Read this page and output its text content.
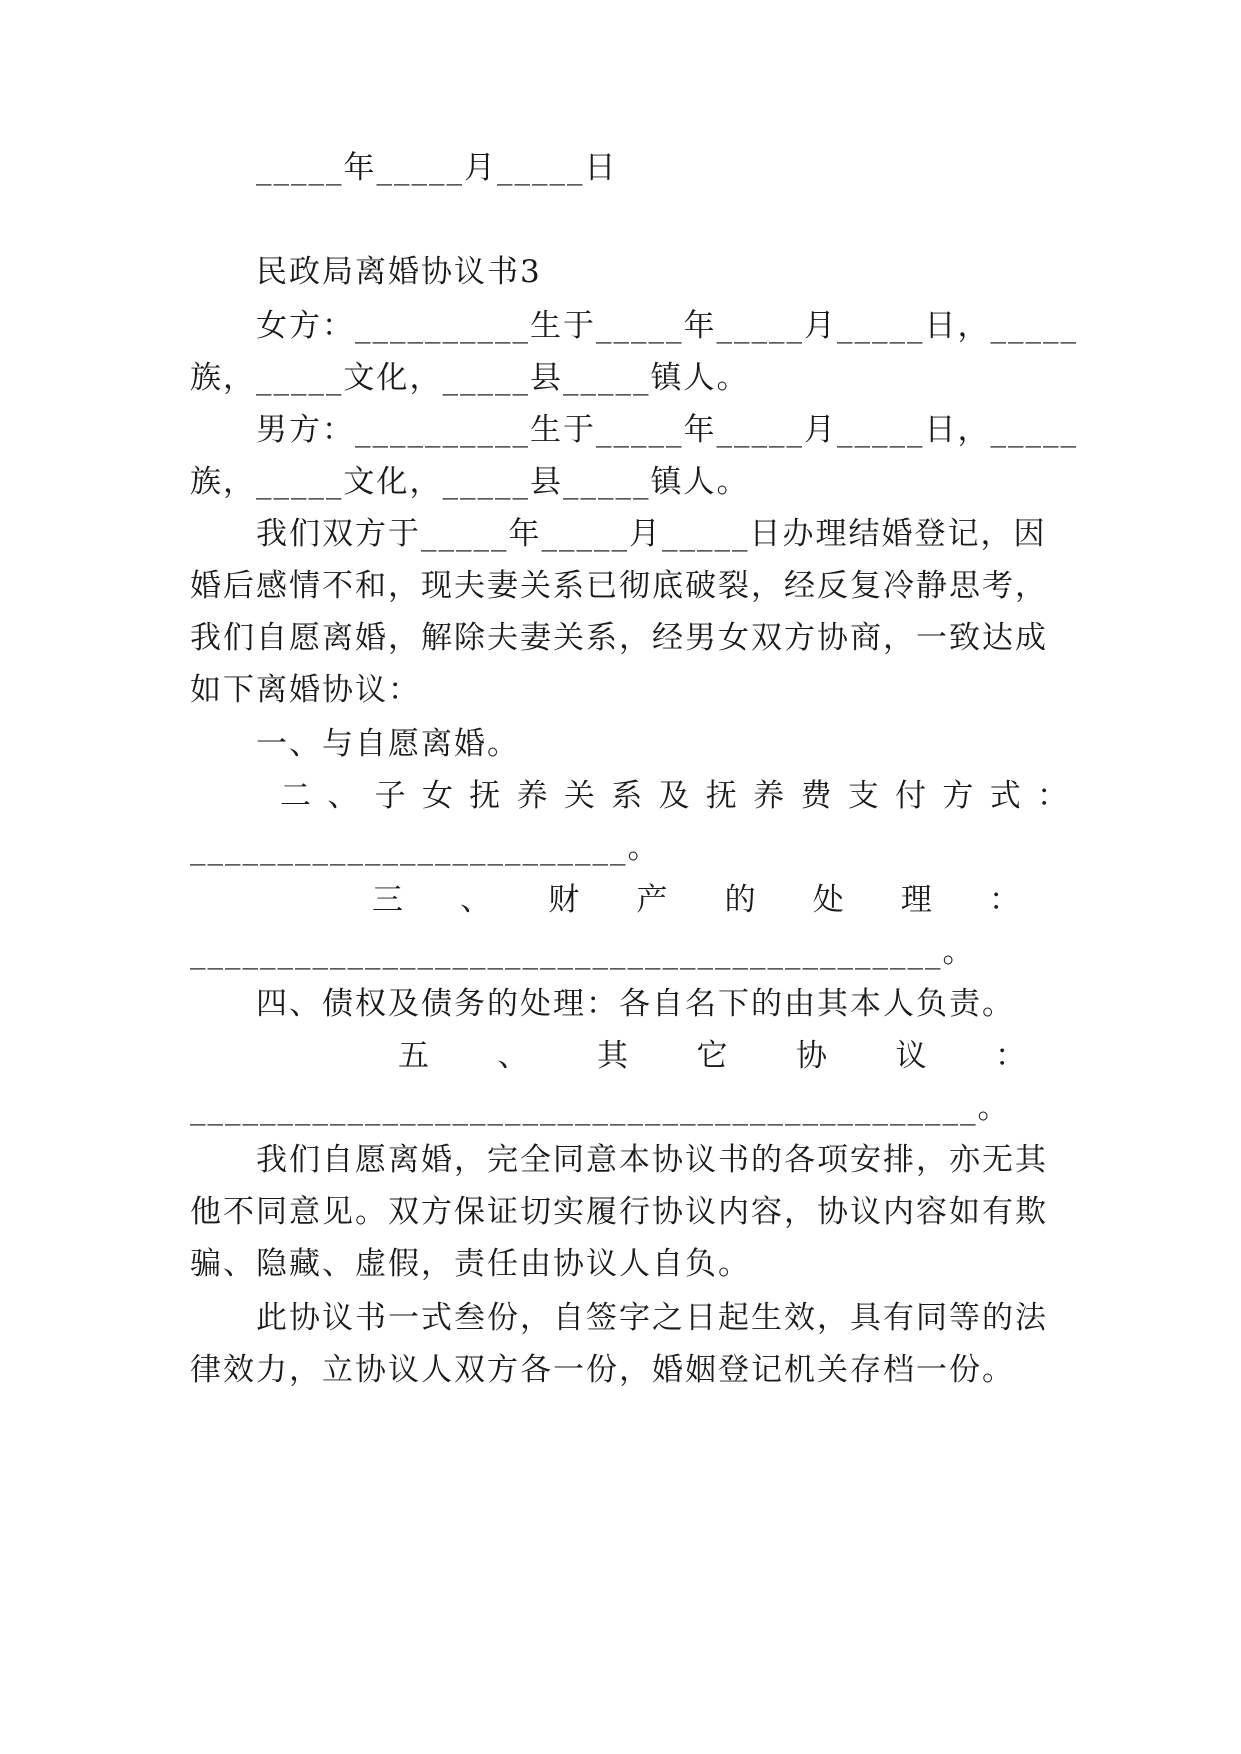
_____年_____月_____日
民政局离婚协议书3
女方：__________生于_____年_____月_____日，_____
族，_____文化，_____县_____镇人。
男方：__________生于_____年_____月_____日，_____
族，_____文化，_____县_____镇人。
我们双方于_____年_____月_____日办理结婚登记，因
婚后感情不和，现夫妻关系已彻底破裂，经反复冷静思考，
我们自愿离婚，解除夫妻关系，经男女双方协商，一致达成
如下离婚协议：
一、与自愿离婚。
二 、 子 女 抚 养 关 系 及 抚 养 费 支 付 方 式 ：
_________________________。
三 、 财 产 的 处 理 ：
___________________________________________。
四、债权及债务的处理：各自名下的由其本人负责。
五 、 其 它 协 议 ：
_____________________________________________。
我们自愿离婚，完全同意本协议书的各项安排，亦无其
他不同意见。双方保证切实履行协议内容，协议内容如有欺
骗、隐藏、虚假，责任由协议人自负。
此协议书一式叁份，自签字之日起生效，具有同等的法
律效力，立协议人双方各一份，婚姻登记机关存档一份。
